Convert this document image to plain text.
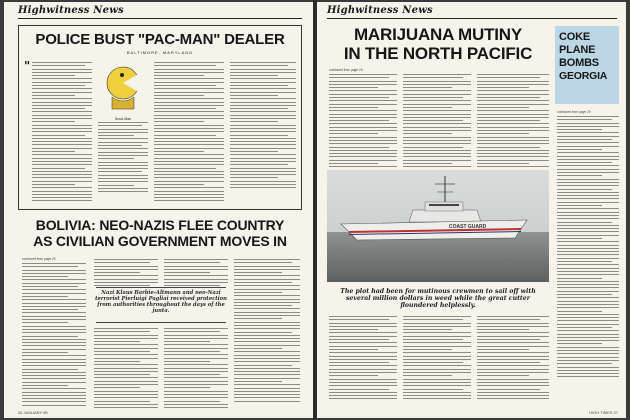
Highwitness News
POLICE BUST "PAC-MAN" DEALER
BALTIMORE, MARYLAND
"
Smur-Man
BOLIVIA: NEO-NAZIS FLEE COUNTRY
AS CIVILIAN GOVERNMENT MOVES IN
continued from page 20
Nazi Klaus Barbie-Altmann and neo-Nazi terrorist Pierluigi Pagliai received protection from authorities throughout the days of the junta.
26 JANUARY 85
Highwitness News
MARIJUANA MUTINY
IN THE NORTH PACIFIC
continued from page 19
COAST GUARD

The plot had been for mutinous crewmen to sail off with several million dollars in weed while the great cutter floundered helplessly.
COKE
PLANE
BOMBS
GEORGIA
continued from page 20
HIGH TIMES 27
